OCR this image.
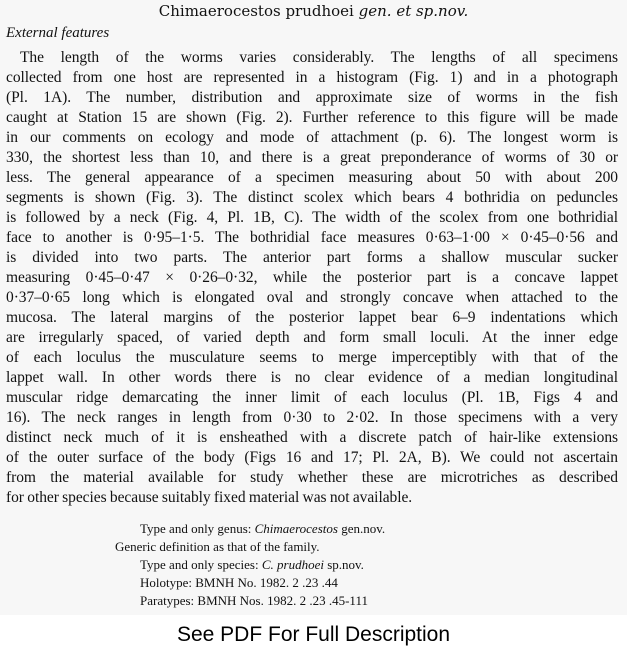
Chimaerocestos prudhoei gen. et sp.nov.
External features
The length of the worms varies considerably. The lengths of all specimens
collected from one host are represented in a histogram (Fig. 1) and in a photograph
(Pl. 1A). The number, distribution and approximate size of worms in the fish
caught at Station 15 are shown (Fig. 2). Further reference to this figure will be made
in our comments on ecology and mode of attachment (p. 6). The longest worm is
330, the shortest less than 10, and there is a great preponderance of worms of 30 or
less. The general appearance of a specimen measuring about 50 with about 200
segments is shown (Fig. 3). The distinct scolex which bears 4 bothridia on peduncles
is followed by a neck (Fig. 4, Pl. 1B, C). The width of the scolex from one bothridial
face to another is 0·95–1·5. The bothridial face measures 0·63–1·00 × 0·45–0·56 and
is divided into two parts. The anterior part forms a shallow muscular sucker
measuring 0·45–0·47 × 0·26–0·32, while the posterior part is a concave lappet
0·37–0·65 long which is elongated oval and strongly concave when attached to the
mucosa. The lateral margins of the posterior lappet bear 6–9 indentations which
are irregularly spaced, of varied depth and form small loculi. At the inner edge
of each loculus the musculature seems to merge imperceptibly with that of the
lappet wall. In other words there is no clear evidence of a median longitudinal
muscular ridge demarcating the inner limit of each loculus (Pl. 1B, Figs 4 and
16). The neck ranges in length from 0·30 to 2·02. In those specimens with a very
distinct neck much of it is ensheathed with a discrete patch of hair-like extensions
of the outer surface of the body (Figs 16 and 17; Pl. 2A, B). We could not ascertain
from the material available for study whether these are microtriches as described
for other species because suitably fixed material was not available.
Type and only genus: Chimaerocestos gen.nov.
Generic definition as that of the family.
Type and only species: C. prudhoei sp.nov.
Holotype: BMNH No. 1982. 2 .23 .44
Paratypes: BMNH Nos. 1982. 2 .23 .45-111
See PDF For Full Description
